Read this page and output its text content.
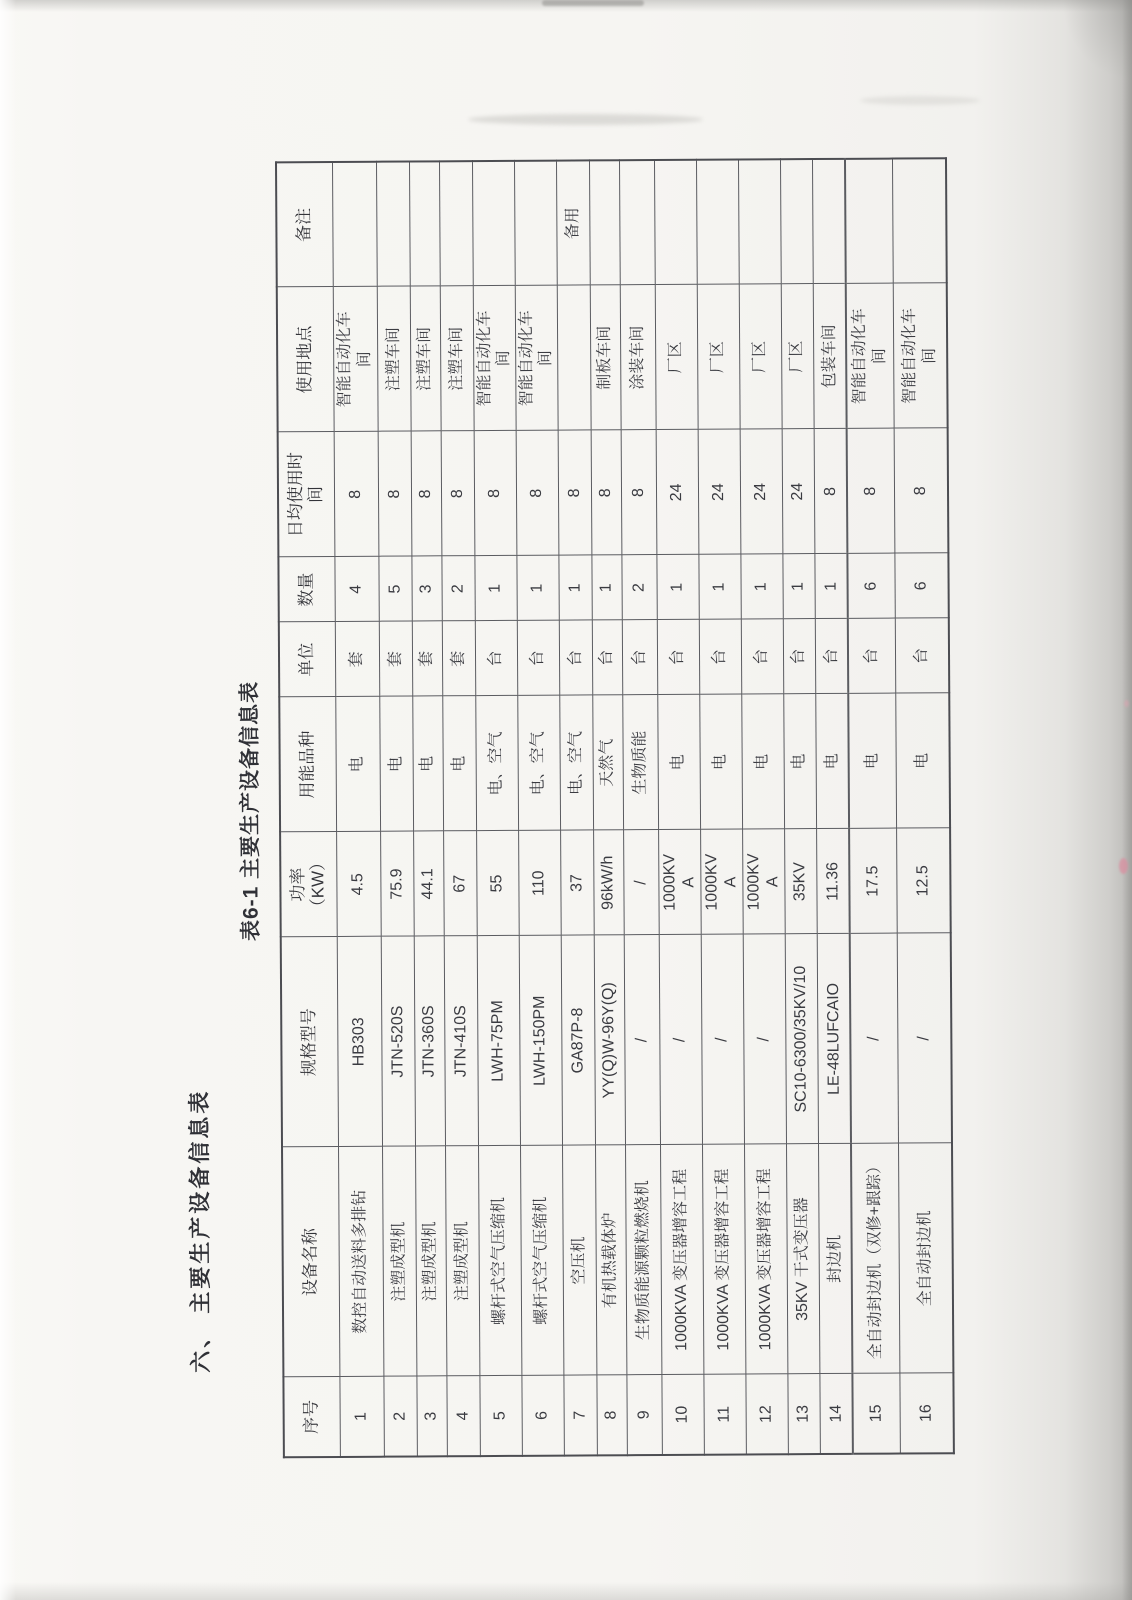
六、 主要生产设备信息表
表6-1 主要生产设备信息表
序号	设备名称	规格型号	功率
（KW）	用能品种	单位	数量	日均使用时
间	使用地点	备注
1	数控自动送料多排钻	HB303	4.5	电	套	4	8	智能自动化车
间	
2	注塑成型机	JTN-520S	75.9	电	套	5	8	注塑车间	
3	注塑成型机	JTN-360S	44.1	电	套	3	8	注塑车间	
4	注塑成型机	JTN-410S	67	电	套	2	8	注塑车间	
5	螺杆式空气压缩机	LWH-75PM	55	电、空气	台	1	8	智能自动化车
间	
6	螺杆式空气压缩机	LWH-150PM	110	电、空气	台	1	8	智能自动化车
间	
7	空压机	GA87P-8	37	电、空气	台	1	8		备用
8	有机热载体炉	YY(Q)W-96Y(Q)	96kW/h	天然气	台	1	8	制板车间	
9	生物质能源颗粒燃烧机	/	/	生物质能	台	2	8	涂装车间	
10	1000KVA 变压器增容工程	/	1000KV
A	电	台	1	24	厂区	
11	1000KVA 变压器增容工程	/	1000KV
A	电	台	1	24	厂区	
12	1000KVA 变压器增容工程	/	1000KV
A	电	台	1	24	厂区	
13	35KV 干式变压器	SC10-6300/35KV/10	35KV	电	台	1	24	厂区	
14	封边机	LE-48LUFCAIO	11.36	电	台	1	8	包装车间	
15	全自动封边机（双修+跟踪）	/	17.5	电	台	6	8	智能自动化车
间	
16	全自动封边机	/	12.5	电	台	6	8	智能自动化车
间	
